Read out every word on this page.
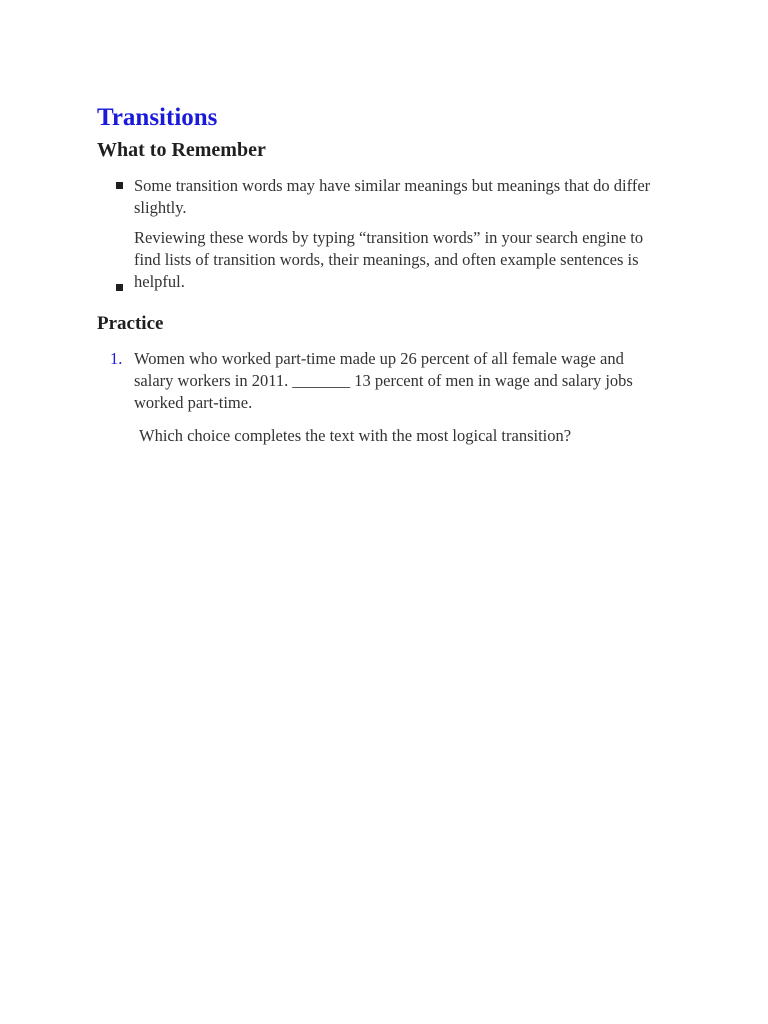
Transitions
What to Remember
Some transition words may have similar meanings but meanings that do differ slightly.
Reviewing these words by typing “transition words” in your search engine to find lists of transition words, their meanings, and often example sentences is helpful.
Practice
1. Women who worked part-time made up 26 percent of all female wage and salary workers in 2011. _______ 13 percent of men in wage and salary jobs worked part-time.
Which choice completes the text with the most logical transition?
